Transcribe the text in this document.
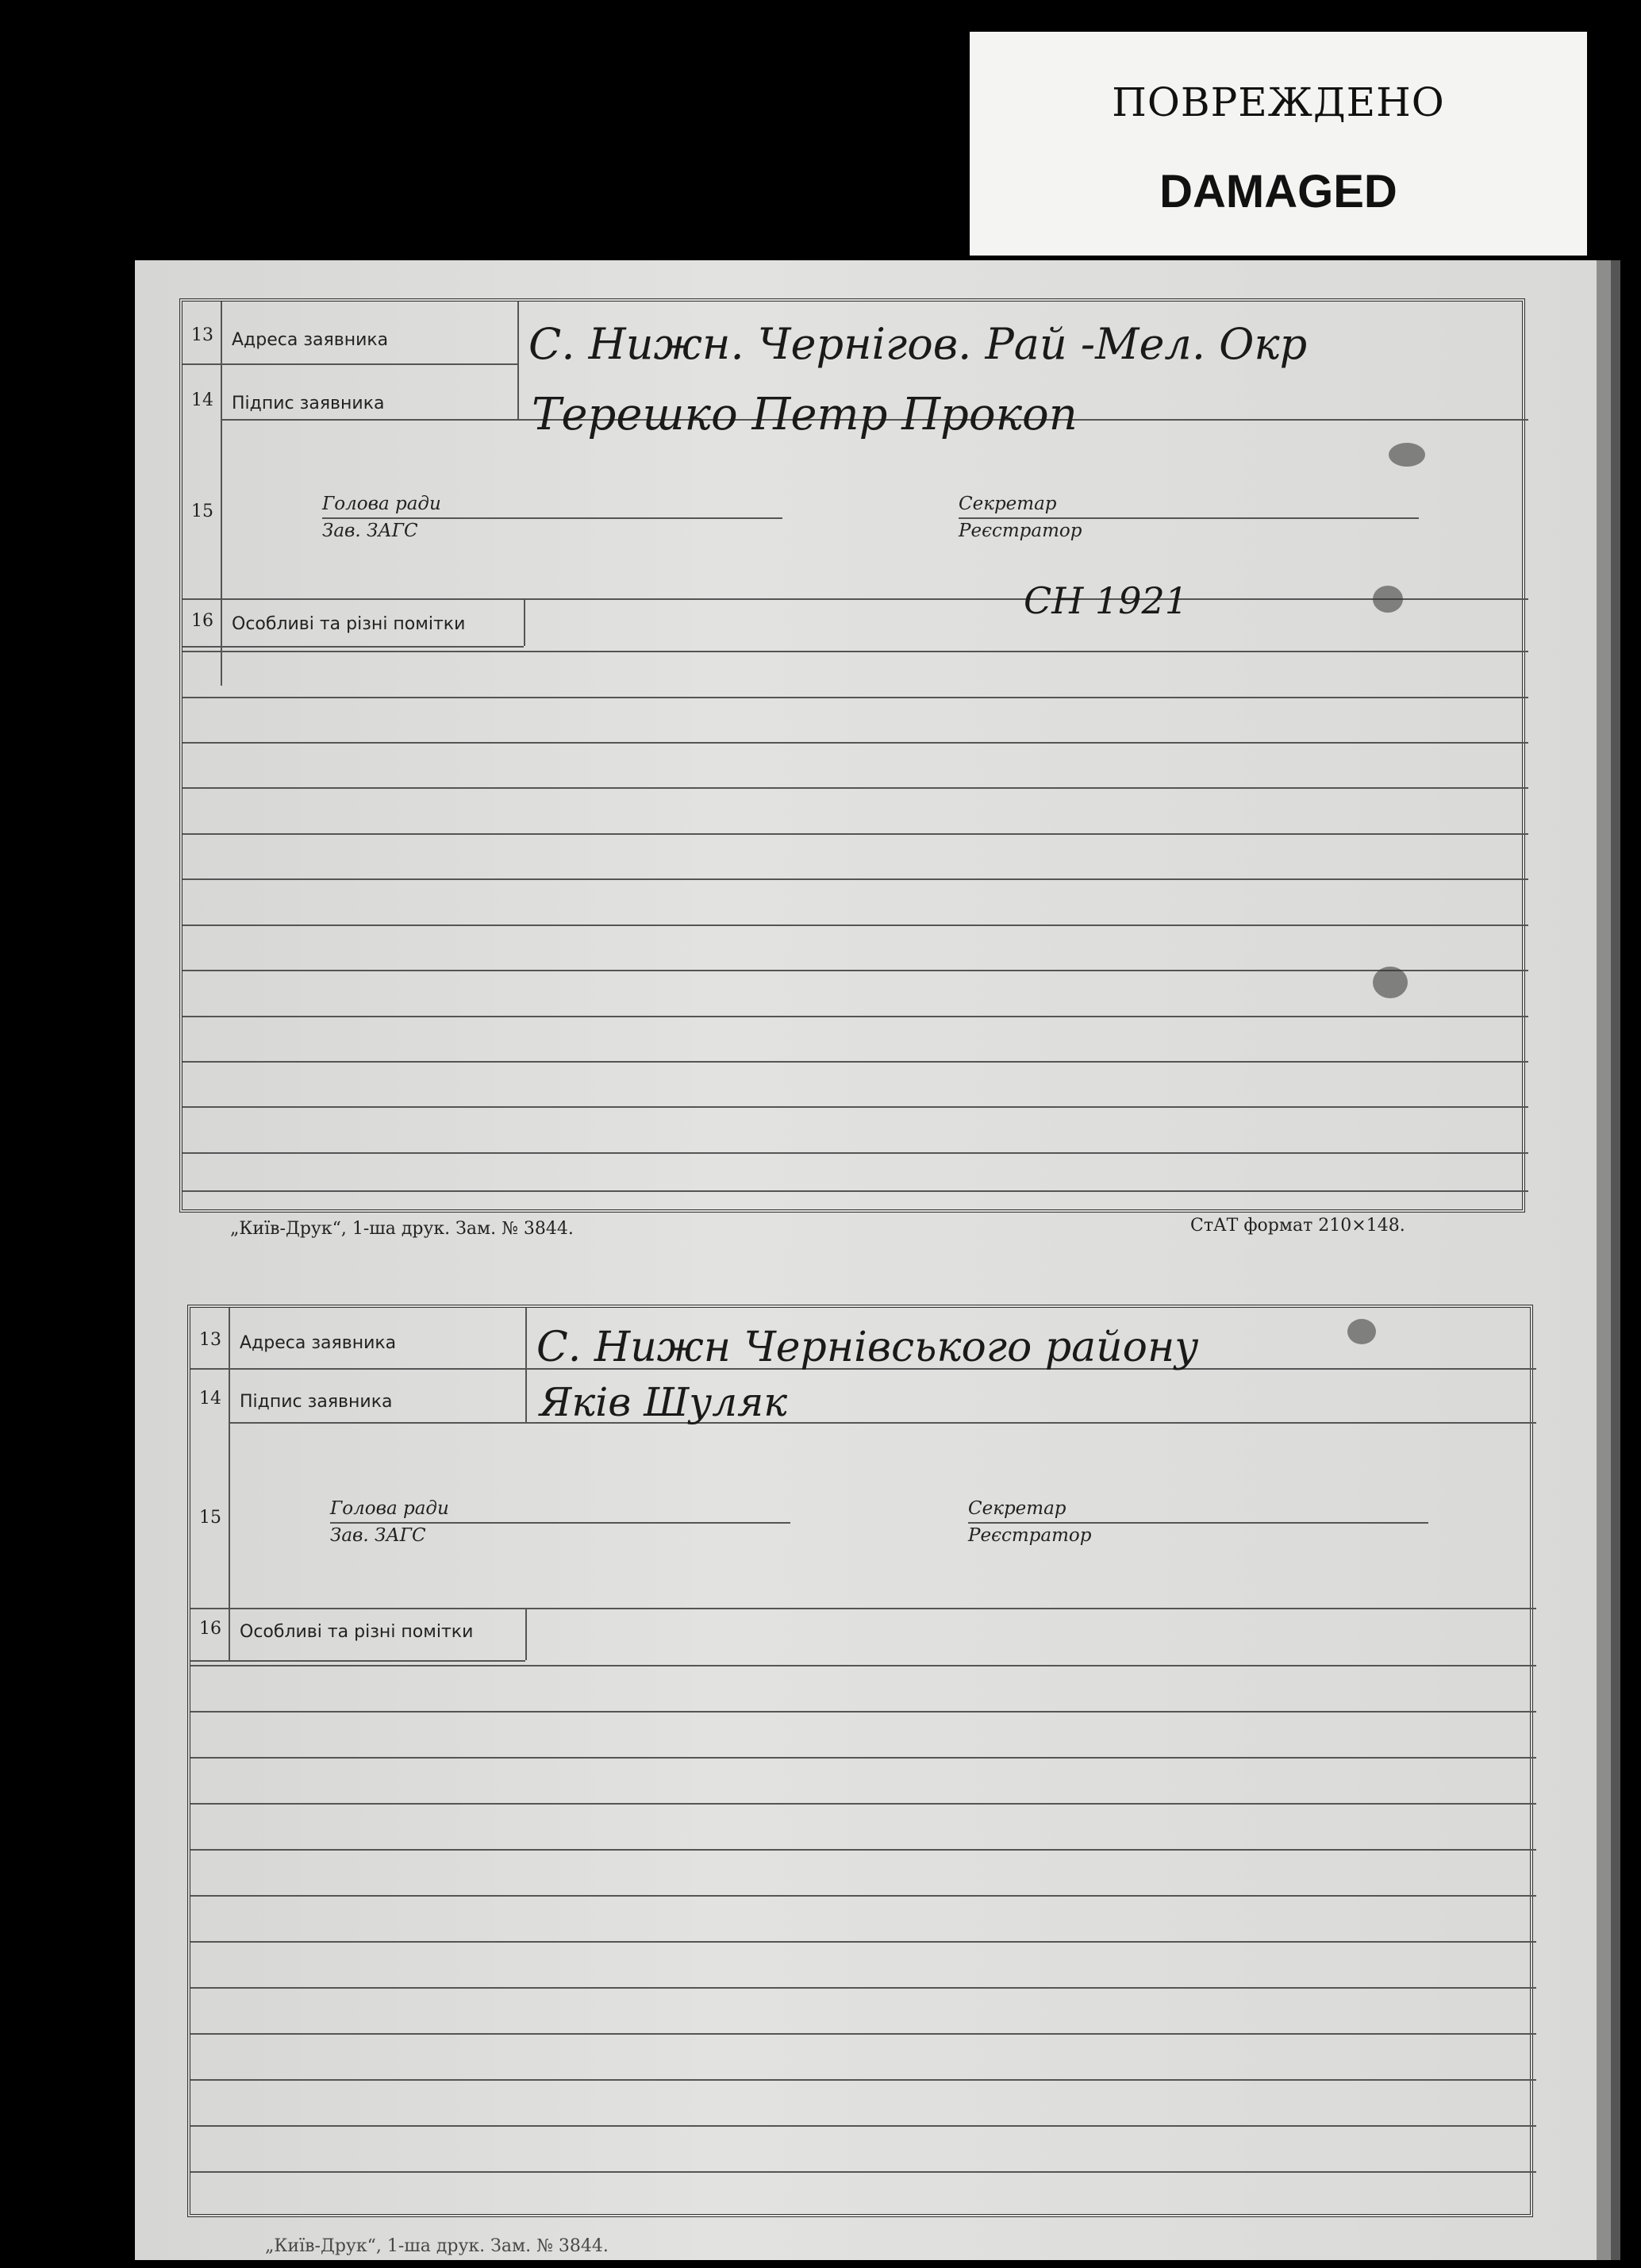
ПОВРЕЖДЕНО
DAMAGED
13	Адреса заявника	С. Нижн. Чернігов. Рай -Мел. Окр
14	Підпис заявника	Терешко Петр Прокоп
15	Голова ради
Зав. ЗАГС
Секретар
Реєстратор
16	Особливі та різні помітки
СН 1921
„Київ-Друк“, 1-ша друк. Зам. № 3844.	СтАТ формат 210×148.
13	Адреса заявника	С. Нижн Чернівського району
14	Підпис заявника	Яків Шуляк
15	Голова ради
Зав. ЗАГС
Секретар
Реєстратор
16	Особливі та різні помітки
„Київ-Друк“, 1-ша друк. Зам. № 3844.
